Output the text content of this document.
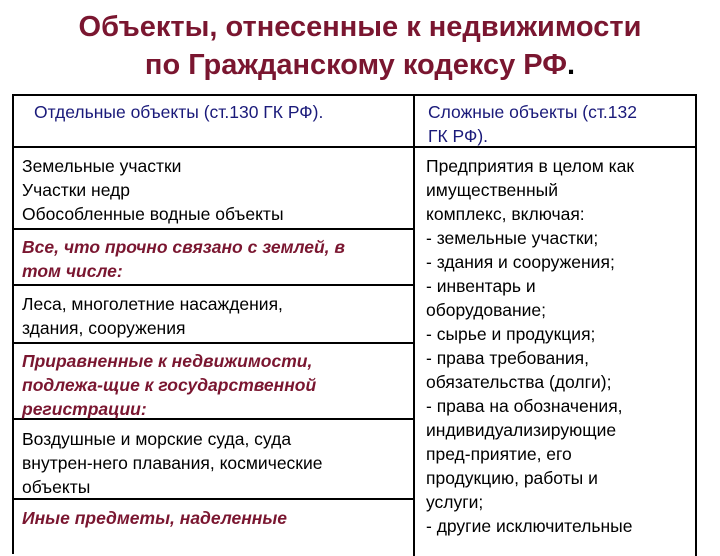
Объекты, отнесенные к недвижимости
по Гражданскому кодексу РФ.
Отдельные объекты (ст.130 ГК РФ).	Сложные объекты (ст.132
ГК РФ).
Земельные участки
Участки недр
Обособленные водные объекты
Все, что прочно связано с землей, в
том числе:
Леса, многолетние насаждения,
здания, сооружения
Приравненные к недвижимости,
подлежа-щие к государственной
регистрации:
Воздушные и морские суда, суда
внутрен-него плавания, космические
объекты
Иные предметы, наделенные
Предприятия в целом как
имущественный
комплекс, включая:
- земельные участки;
- здания и сооружения;
- инвентарь и
оборудование;
- сырье и продукция;
- права требования,
обязательства (долги);
- права на обозначения,
индивидуализирующие
пред-приятие, его
продукцию, работы и
услуги;
- другие исключительные
